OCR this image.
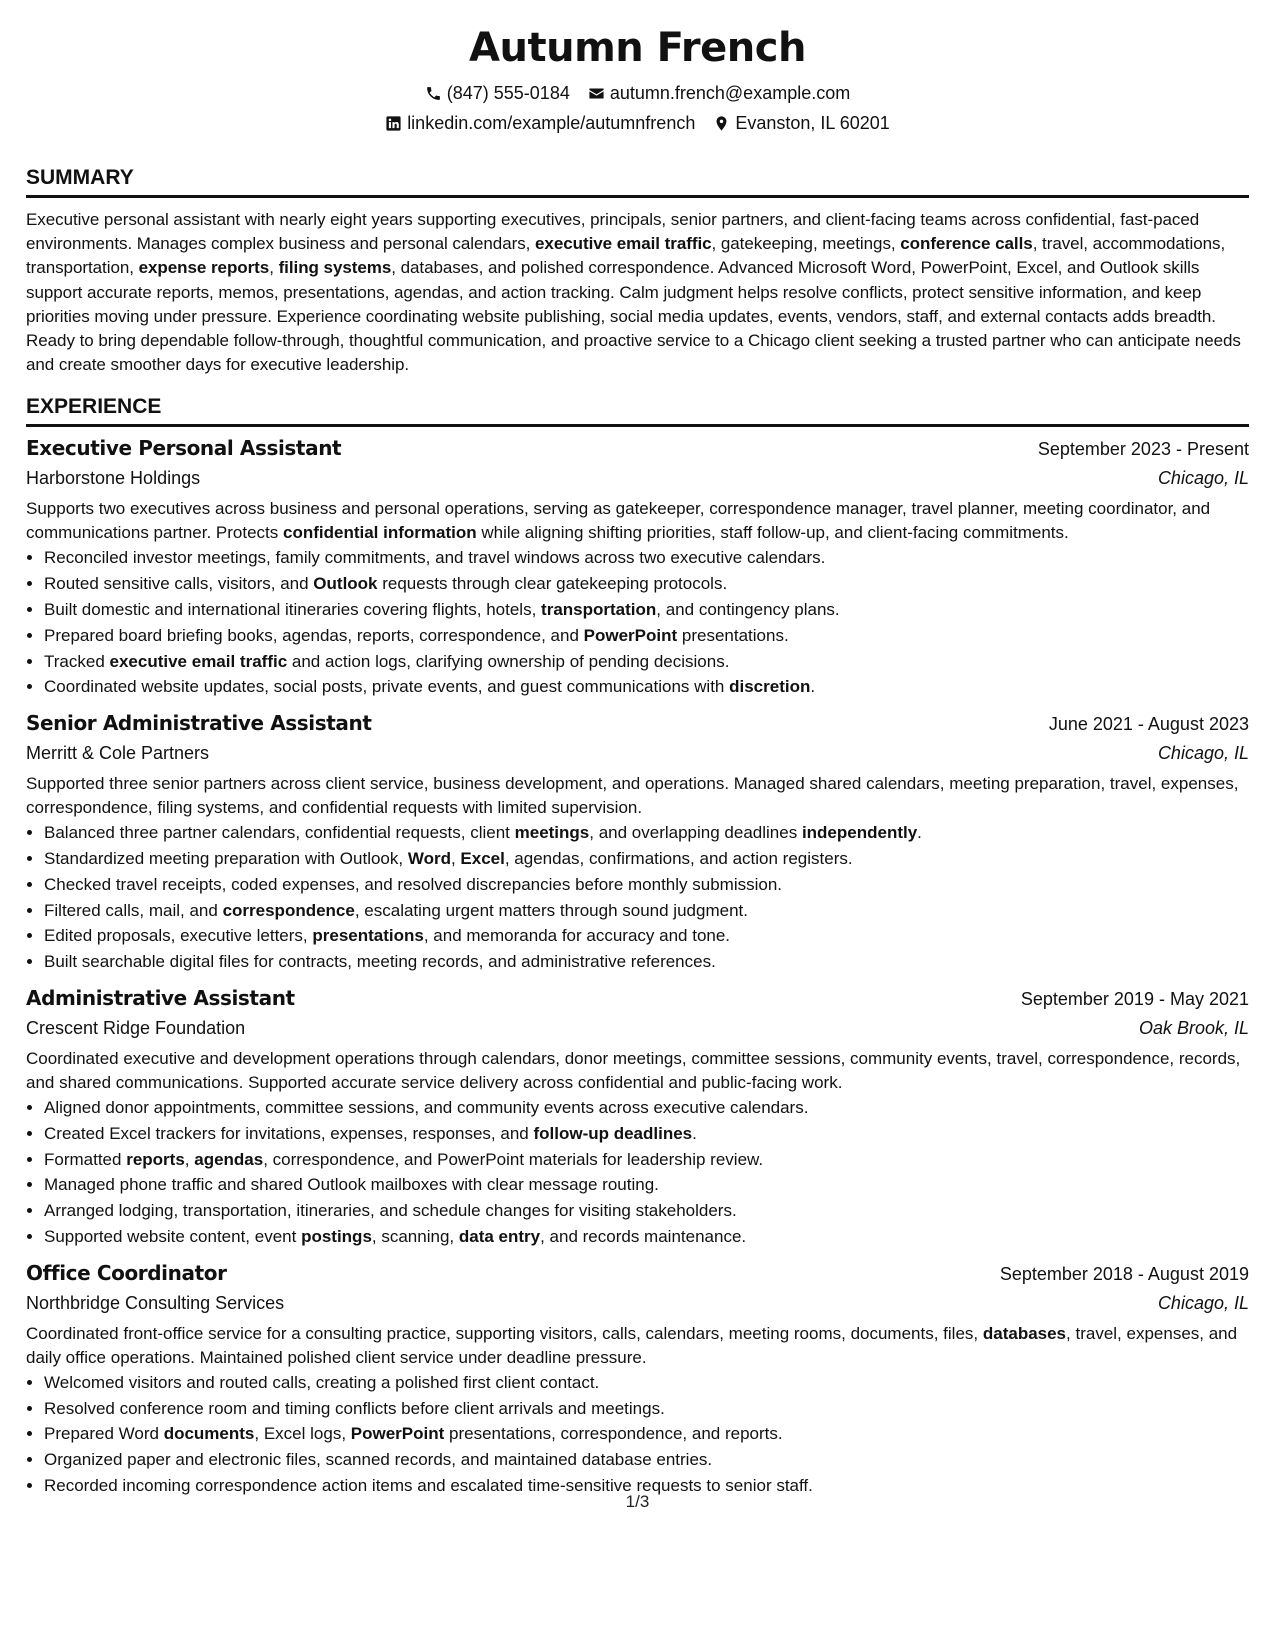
Autumn French
(847) 555-0184 autumn.french@example.com
linkedin.com/example/autumnfrench Evanston, IL 60201
SUMMARY

Executive personal assistant with nearly eight years supporting executives, principals, senior partners, and client-facing teams across confidential, fast-paced environments. Manages complex business and personal calendars, executive email traffic, gatekeeping, meetings, conference calls, travel, accommodations, transportation, expense reports, filing systems, databases, and polished correspondence. Advanced Microsoft Word, PowerPoint, Excel, and Outlook skills support accurate reports, memos, presentations, agendas, and action tracking. Calm judgment helps resolve conflicts, protect sensitive information, and keep priorities moving under pressure. Experience coordinating website publishing, social media updates, events, vendors, staff, and external contacts adds breadth. Ready to bring dependable follow-through, thoughtful communication, and proactive service to a Chicago client seeking a trusted partner who can anticipate needs and create smoother days for executive leadership.

EXPERIENCE
Executive Personal Assistant	September 2023 - Present
Harborstone Holdings	Chicago, IL

Supports two executives across business and personal operations, serving as gatekeeper, correspondence manager, travel planner, meeting coordinator, and communications partner. Protects confidential information while aligning shifting priorities, staff follow-up, and client-facing commitments.

• Reconciled investor meetings, family commitments, and travel windows across two executive calendars.
• Routed sensitive calls, visitors, and Outlook requests through clear gatekeeping protocols.
• Built domestic and international itineraries covering flights, hotels, transportation, and contingency plans.
• Prepared board briefing books, agendas, reports, correspondence, and PowerPoint presentations.
• Tracked executive email traffic and action logs, clarifying ownership of pending decisions.
• Coordinated website updates, social posts, private events, and guest communications with discretion.
Senior Administrative Assistant	June 2021 - August 2023
Merritt & Cole Partners	Chicago, IL

Supported three senior partners across client service, business development, and operations. Managed shared calendars, meeting preparation, travel, expenses, correspondence, filing systems, and confidential requests with limited supervision.

• Balanced three partner calendars, confidential requests, client meetings, and overlapping deadlines independently.
• Standardized meeting preparation with Outlook, Word, Excel, agendas, confirmations, and action registers.
• Checked travel receipts, coded expenses, and resolved discrepancies before monthly submission.
• Filtered calls, mail, and correspondence, escalating urgent matters through sound judgment.
• Edited proposals, executive letters, presentations, and memoranda for accuracy and tone.
• Built searchable digital files for contracts, meeting records, and administrative references.
Administrative Assistant	September 2019 - May 2021
Crescent Ridge Foundation	Oak Brook, IL

Coordinated executive and development operations through calendars, donor meetings, committee sessions, community events, travel, correspondence, records, and shared communications. Supported accurate service delivery across confidential and public-facing work.

• Aligned donor appointments, committee sessions, and community events across executive calendars.
• Created Excel trackers for invitations, expenses, responses, and follow-up deadlines.
• Formatted reports, agendas, correspondence, and PowerPoint materials for leadership review.
• Managed phone traffic and shared Outlook mailboxes with clear message routing.
• Arranged lodging, transportation, itineraries, and schedule changes for visiting stakeholders.
• Supported website content, event postings, scanning, data entry, and records maintenance.
Office Coordinator	September 2018 - August 2019
Northbridge Consulting Services	Chicago, IL

Coordinated front-office service for a consulting practice, supporting visitors, calls, calendars, meeting rooms, documents, files, databases, travel, expenses, and daily office operations. Maintained polished client service under deadline pressure.

• Welcomed visitors and routed calls, creating a polished first client contact.
• Resolved conference room and timing conflicts before client arrivals and meetings.
• Prepared Word documents, Excel logs, PowerPoint presentations, correspondence, and reports.
• Organized paper and electronic files, scanned records, and maintained database entries.
• Recorded incoming correspondence action items and escalated time-sensitive requests to senior staff.
1/3
